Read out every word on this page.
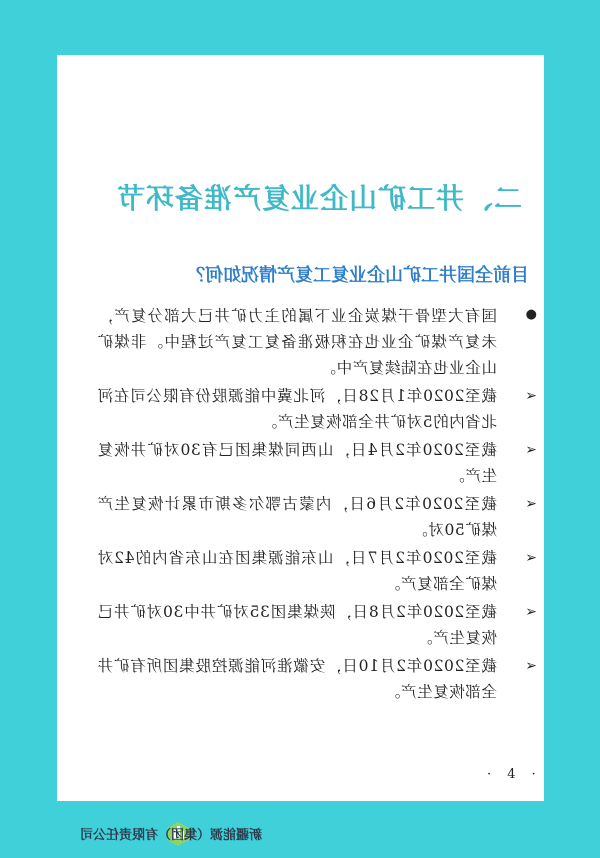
二、井工矿山企业复产准备环节
目前全国井工矿山企业复工复产情况如何？
国有大型骨干煤炭企业下属的主力矿井已大部分复产，未复产煤矿企业也在积极准备复工复产过程中。非煤矿山企业也在陆续复产中。
●
截至2020年1月28日，河北冀中能源股份有限公司在河北省内的5对矿井全部恢复生产。
➢
截至2020年2月4日，山西同煤集团已有30对矿井恢复生产。
➢
截至2020年2月6日，内蒙古鄂尔多斯市累计恢复生产煤矿50对。
➢
截至2020年2月7日，山东能源集团在山东省内的42对煤矿全部复产。
➢
截至2020年2月8日，陕煤集团35对矿井中30对矿井已恢复生产。
➢
截至2020年2月10日，安徽淮河能源控股集团所有矿井全部恢复生产。
➢
· 4 ·
新疆能源（集团）有限责任公司
